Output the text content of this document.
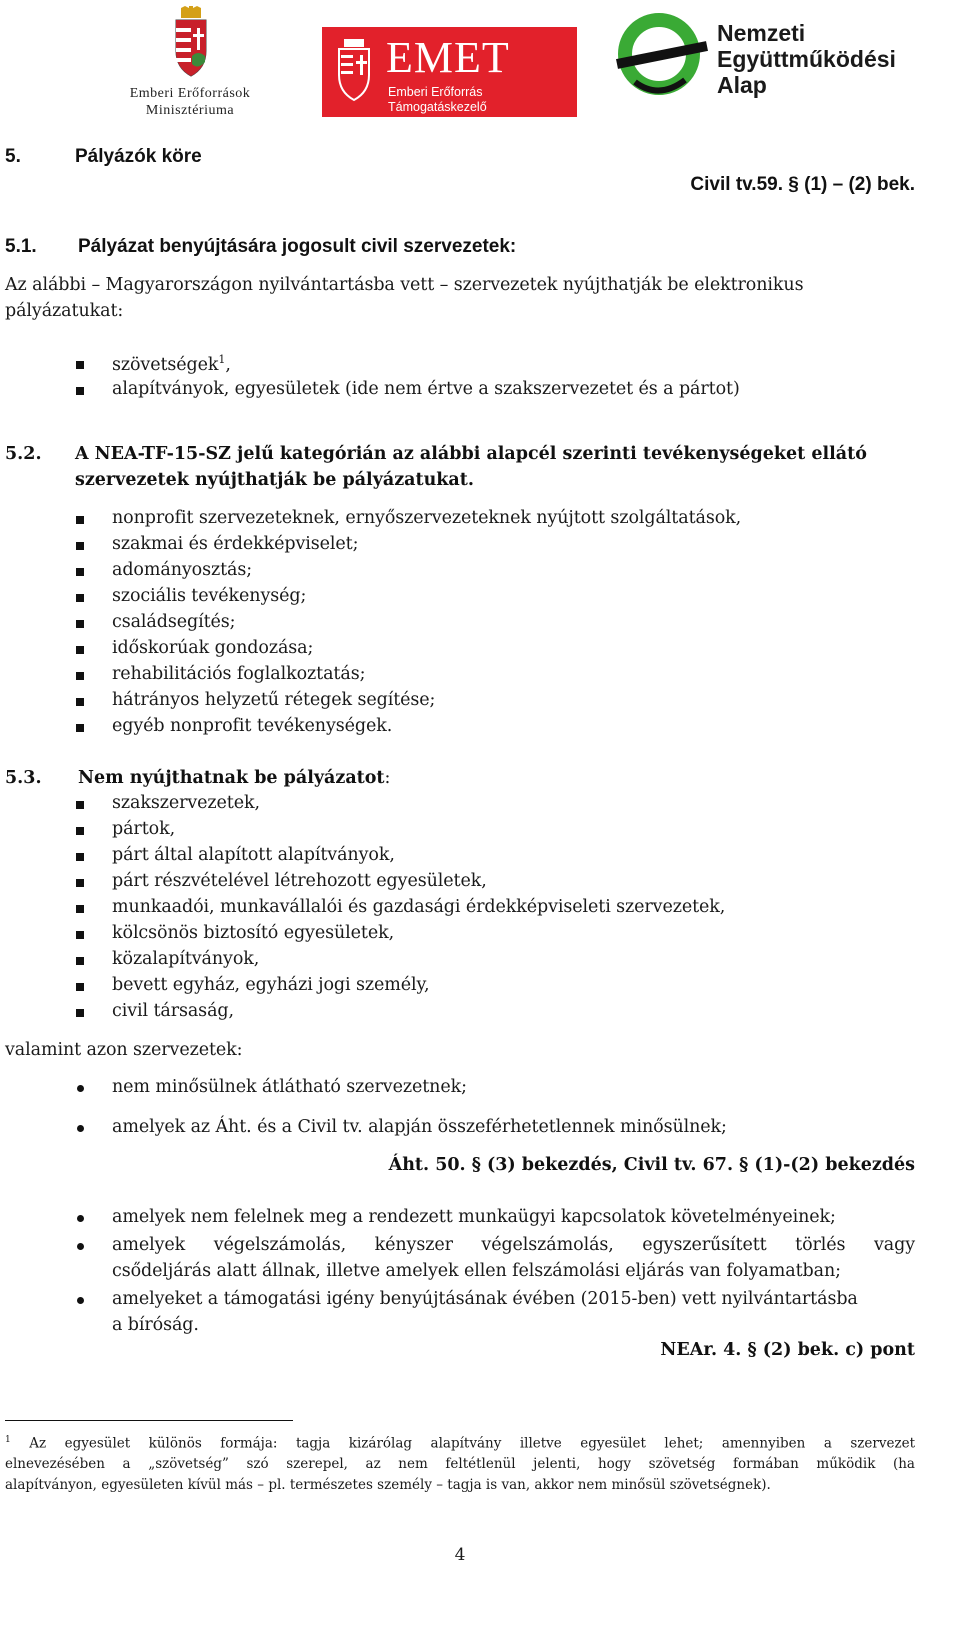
Emberi Erőforrások
Minisztériuma
EMET
Emberi Erőforrás
Támogatáskezelő
Nemzeti
Együttműködési
Alap
5.	Pályázók köre
Civil tv.59. § (1) – (2) bek.
5.1. Pályázat benyújtására jogosult civil szervezetek:
Az alábbi – Magyarországon nyilvántartásba vett – szervezetek nyújthatják be elektronikus
pályázatukat:
szövetségek$^1$,
alapítványok, egyesületek (ide nem értve a szakszervezetet és a pártot)
5.2. A NEA-TF-15-SZ jelű kategórián az alábbi alapcél szerinti tevékenységeket ellátó
szervezetek nyújthatják be pályázatukat.
nonprofit szervezeteknek, ernyőszervezeteknek nyújtott szolgáltatások,
szakmai és érdekképviselet;
adományosztás;
szociális tevékenység;
családsegítés;
időskorúak gondozása;
rehabilitációs foglalkoztatás;
hátrányos helyzetű rétegek segítése;
egyéb nonprofit tevékenységek.
5.3. Nem nyújthatnak be pályázatot:
szakszervezetek,
pártok,
párt által alapított alapítványok,
párt részvételével létrehozott egyesületek,
munkaadói, munkavállalói és gazdasági érdekképviseleti szervezetek,
kölcsönös biztosító egyesületek,
közalapítványok,
bevett egyház, egyházi jogi személy,
civil társaság,
valamint azon szervezetek:
nem minősülnek átlátható szervezetnek;
amelyek az Áht. és a Civil tv. alapján összeférhetetlennek minősülnek;
Áht. 50. § (3) bekezdés, Civil tv. 67. § (1)-(2) bekezdés
amelyek nem felelnek meg a rendezett munkaügyi kapcsolatok követelményeinek;
amelyek végelszámolás, kényszer végelszámolás, egyszerűsített törlés vagy
csődeljárás alatt állnak, illetve amelyek ellen felszámolási eljárás van folyamatban;
amelyeket a támogatási igény benyújtásának évében (2015-ben) vett nyilvántartásba
a bíróság.
NEAr. 4. § (2) bek. c) pont
$^1$ Az egyesület különös formája: tagja kizárólag alapítvány illetve egyesület lehet; amennyiben a szervezet
elnevezésében a „szövetség” szó szerepel, az nem feltétlenül jelenti, hogy szövetség formában működik (ha
alapítványon, egyesületen kívül más – pl. természetes személy – tagja is van, akkor nem minősül szövetségnek).
4
